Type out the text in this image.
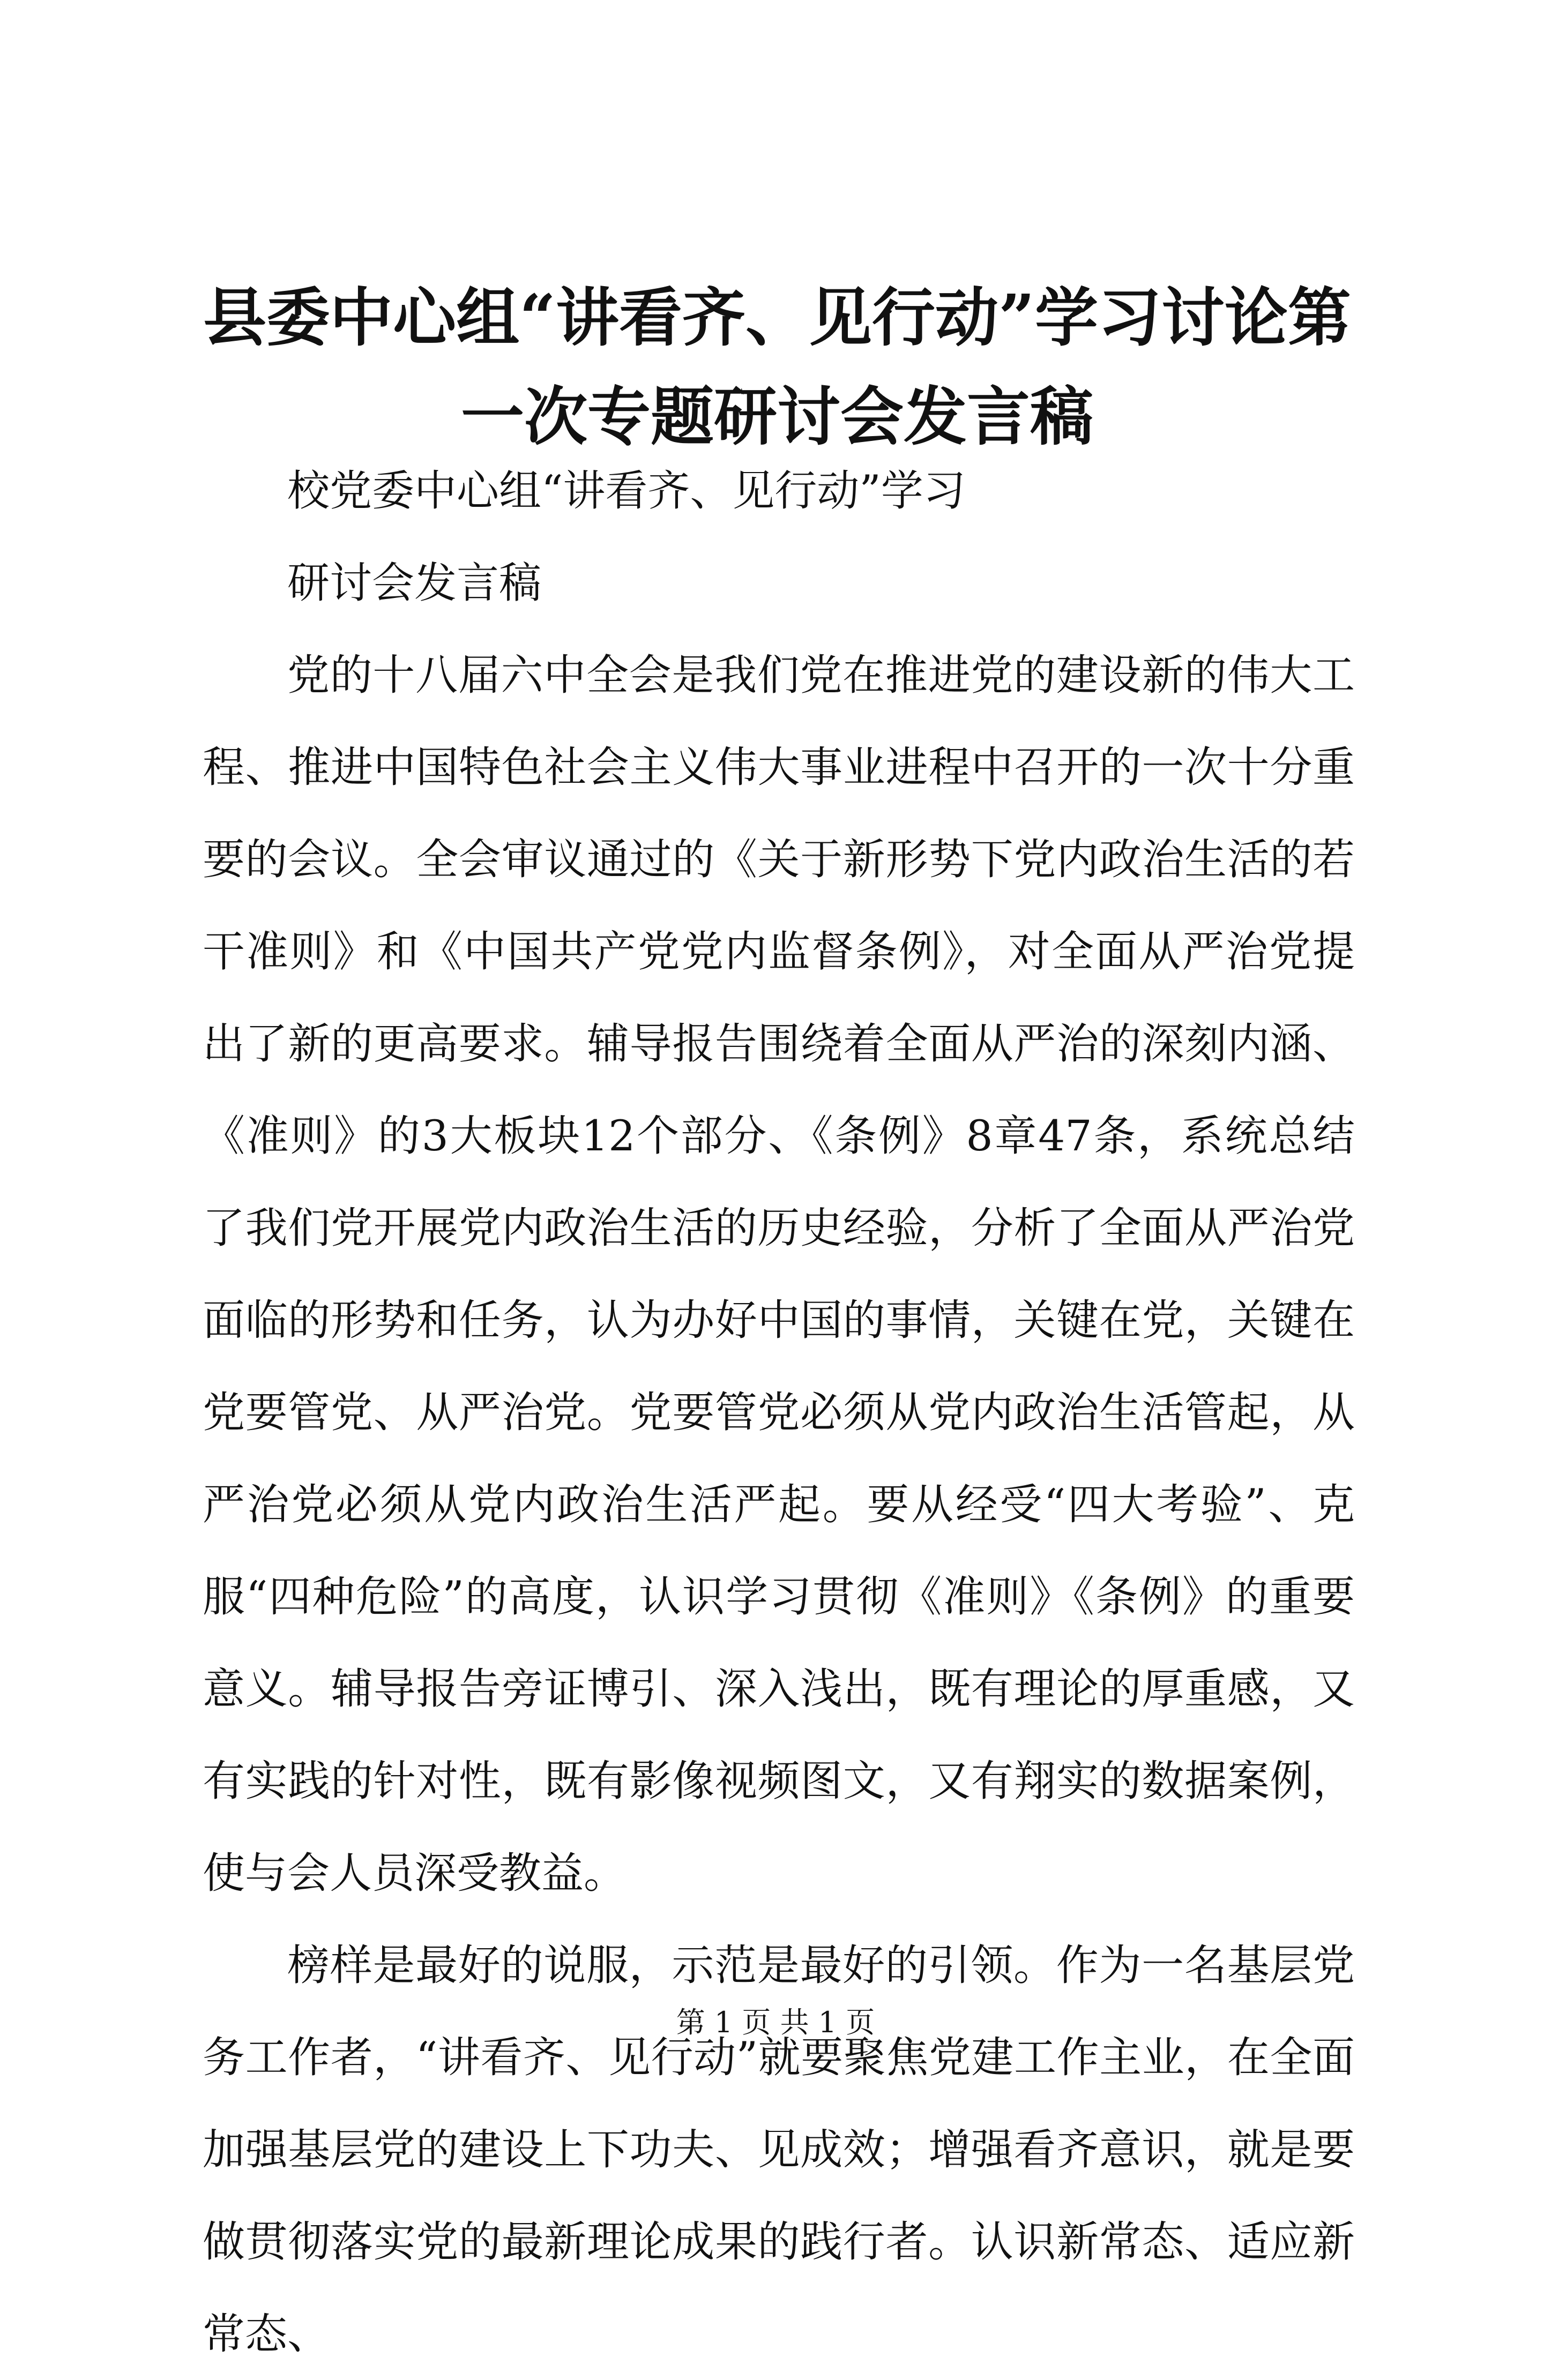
县委中心组“讲看齐、见行动”学习讨论第一次专题研讨会发言稿

校党委中心组“讲看齐、见行动”学习

研讨会发言稿

党的十八届六中全会是我们党在推进党的建设新的伟大工程、推进中国特色社会主义伟大事业进程中召开的一次十分重要的会议。全会审议通过的《关于新形势下党内政治生活的若干准则》和《中国共产党党内监督条例》，对全面从严治党提出了新的更高要求。辅导报告围绕着全面从严治的深刻内涵、《准则》的3大板块12个部分、《条例》8章47条，系统总结了我们党开展党内政治生活的历史经验，分析了全面从严治党面临的形势和任务，认为办好中国的事情，关键在党，关键在党要管党、从严治党。党要管党必须从党内政治生活管起，从严治党必须从党内政治生活严起。要从经受“四大考验”、克服“四种危险”的高度，认识学习贯彻《准则》《条例》的重要意义。辅导报告旁证博引、深入浅出，既有理论的厚重感，又有实践的针对性，既有影像视频图文，又有翔实的数据案例，使与会人员深受教益。

榜样是最好的说服，示范是最好的引领。作为一名基层党务工作者，“讲看齐、见行动”就要聚焦党建工作主业，在全面加强基层党的建设上下功夫、见成效；增强看齐意识，就是要做贯彻落实党的最新理论成果的践行者。认识新常态、适应新常态、

第 1 页 共 1 页
